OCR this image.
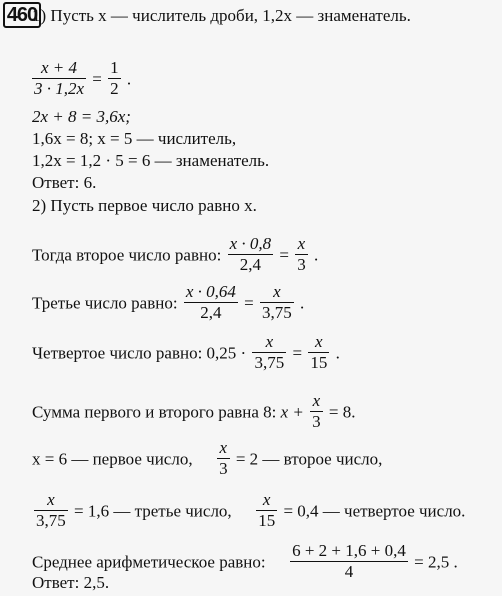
460
1) Пусть x — числитель дроби, 1,2x — знаменатель.
$\frac{x + 4}{3 \cdot 1,2x} = \frac{1}{2}$ .
2x + 8 = 3,6x;
1,6x = 8; x = 5 — числитель,
1,2x = 1,2 · 5 = 6 — знаменатель.
Ответ: 6.
2) Пусть первое число равно x.
Тогда второе число равно: $\frac{x \cdot 0,8}{2,4} = \frac{x}{3}$ .
Третье число равно: $\frac{x \cdot 0,64}{2,4} = \frac{x}{3,75}$ .
Четвертое число равно: $0,25 \cdot \frac{x}{3,75} = \frac{x}{15}$ .
Сумма первого и второго равна 8: $x + \frac{x}{3} = 8$.
x = 6 — первое число, $\frac{x}{3} = 2$ — второе число,
$\frac{x}{3,75} = 1,6$ — третье число, $\frac{x}{15} = 0,4$ — четвертое число.
Среднее арифметическое равно: $\frac{6 + 2 + 1,6 + 0,4}{4} = 2,5$ .
Ответ: 2,5.
